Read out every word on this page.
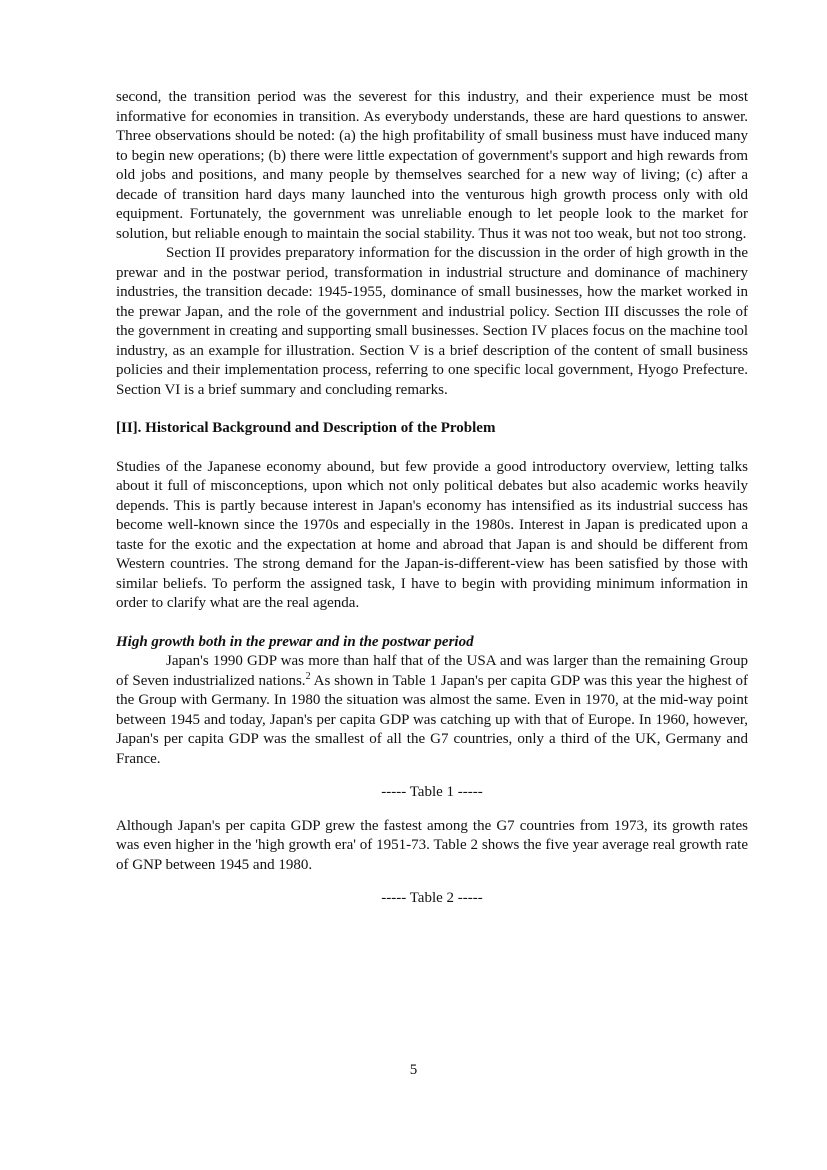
second, the transition period was the severest for this industry, and their experience must be most informative for economies in transition. As everybody understands, these are hard questions to answer. Three observations should be noted: (a) the high profitability of small business must have induced many to begin new operations; (b) there were little expectation of government's support and high rewards from old jobs and positions, and many people by themselves searched for a new way of living; (c) after a decade of transition hard days many launched into the venturous high growth process only with old equipment. Fortunately, the government was unreliable enough to let people look to the market for solution, but reliable enough to maintain the social stability. Thus it was not too weak, but not too strong.

Section II provides preparatory information for the discussion in the order of high growth in the prewar and in the postwar period, transformation in industrial structure and dominance of machinery industries, the transition decade: 1945-1955, dominance of small businesses, how the market worked in the prewar Japan, and the role of the government and industrial policy. Section III discusses the role of the government in creating and supporting small businesses. Section IV places focus on the machine tool industry, as an example for illustration. Section V is a brief description of the content of small business policies and their implementation process, referring to one specific local government, Hyogo Prefecture. Section VI is a brief summary and concluding remarks.

[II]. Historical Background and Description of the Problem

Studies of the Japanese economy abound, but few provide a good introductory overview, letting talks about it full of misconceptions, upon which not only political debates but also academic works heavily depends. This is partly because interest in Japan's economy has intensified as its industrial success has become well-known since the 1970s and especially in the 1980s. Interest in Japan is predicated upon a taste for the exotic and the expectation at home and abroad that Japan is and should be different from Western countries. The strong demand for the Japan-is-different-view has been satisfied by those with similar beliefs. To perform the assigned task, I have to begin with providing minimum information in order to clarify what are the real agenda.

High growth both in the prewar and in the postwar period

Japan's 1990 GDP was more than half that of the USA and was larger than the remaining Group of Seven industrialized nations.$^2$ As shown in Table 1 Japan's per capita GDP was this year the highest of the Group with Germany. In 1980 the situation was almost the same. Even in 1970, at the mid-way point between 1945 and today, Japan's per capita GDP was catching up with that of Europe. In 1960, however, Japan's per capita GDP was the smallest of all the G7 countries, only a third of the UK, Germany and France.

----- Table 1 -----

Although Japan's per capita GDP grew the fastest among the G7 countries from 1973, its growth rates was even higher in the 'high growth era' of 1951-73. Table 2 shows the five year average real growth rate of GNP between 1945 and 1980.

----- Table 2 -----

5
